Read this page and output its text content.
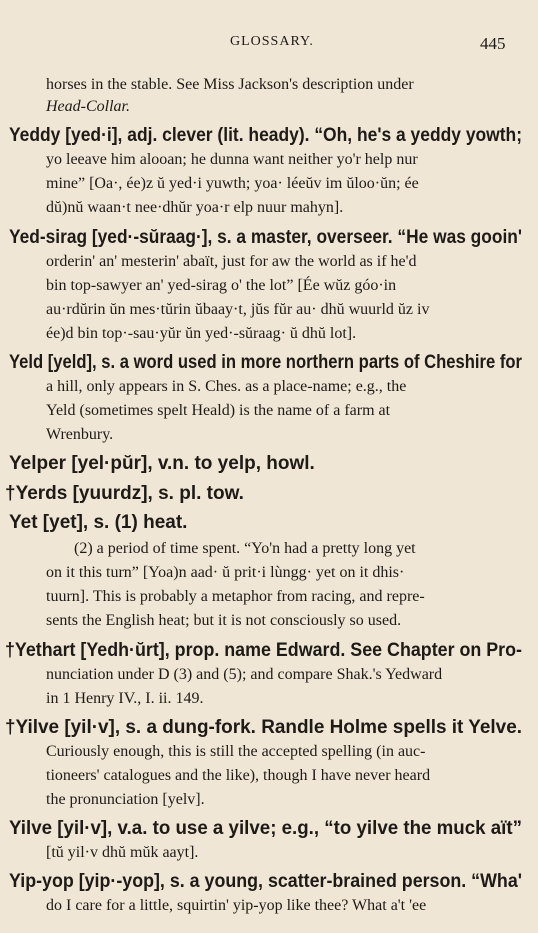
GLOSSARY.	445
horses in the stable. See Miss Jackson's description under
Head-Collar.
Yeddy [yed·i], adj. clever (lit. heady). “Oh, he's a yeddy yowth;
yo leeave him alooan; he dunna want neither yo'r help nur
mine” [Oa·, ée)z ŭ yed·i yuwth; yoa· léeŭv im ŭloo·ŭn; ée
dŭ)nŭ waan·t nee·dhŭr yoa·r elp nuur mahyn].
Yed-sirag [yed·-sŭraag·], s. a master, overseer. “He was gooin'
orderin' an' mesterin' abaït, just for aw the world as if he'd
bin top-sawyer an' yed-sirag o' the lot” [Ée wŭz góo·in
au·rdŭrin ŭn mes·tŭrin ŭbaay·t, jŭs fŭr au· dhŭ wuurld ŭz iv
ée)d bin top·-sau·yŭr ŭn yed·-sŭraag· ŭ dhŭ lot].
Yeld [yeld], s. a word used in more northern parts of Cheshire for
a hill, only appears in S. Ches. as a place-name; e.g., the
Yeld (sometimes spelt Heald) is the name of a farm at
Wrenbury.
Yelper [yel·pŭr], v.n. to yelp, howl.
†Yerds [yuurdz], s. pl. tow.
Yet [yet], s. (1) heat.
(2) a period of time spent. “Yo'n had a pretty long yet
on it this turn” [Yoa)n aad· ŭ prit·i lùngg· yet on it dhis·
tuurn]. This is probably a metaphor from racing, and repre-
sents the English heat; but it is not consciously so used.
†Yethart [Yedh·ŭrt], prop. name Edward. See Chapter on Pro-
nunciation under D (3) and (5); and compare Shak.'s Yedward
in 1 Henry IV., I. ii. 149.
†Yilve [yil·v], s. a dung-fork. Randle Holme spells it Yelve.
Curiously enough, this is still the accepted spelling (in auc-
tioneers' catalogues and the like), though I have never heard
the pronunciation [yelv].
Yilve [yil·v], v.a. to use a yilve; e.g., “to yilve the muck aït”
[tŭ yil·v dhŭ mŭk aayt].
Yip-yop [yip·-yop], s. a young, scatter-brained person. “Wha'
do I care for a little, squirtin' yip-yop like thee? What a't 'ee
